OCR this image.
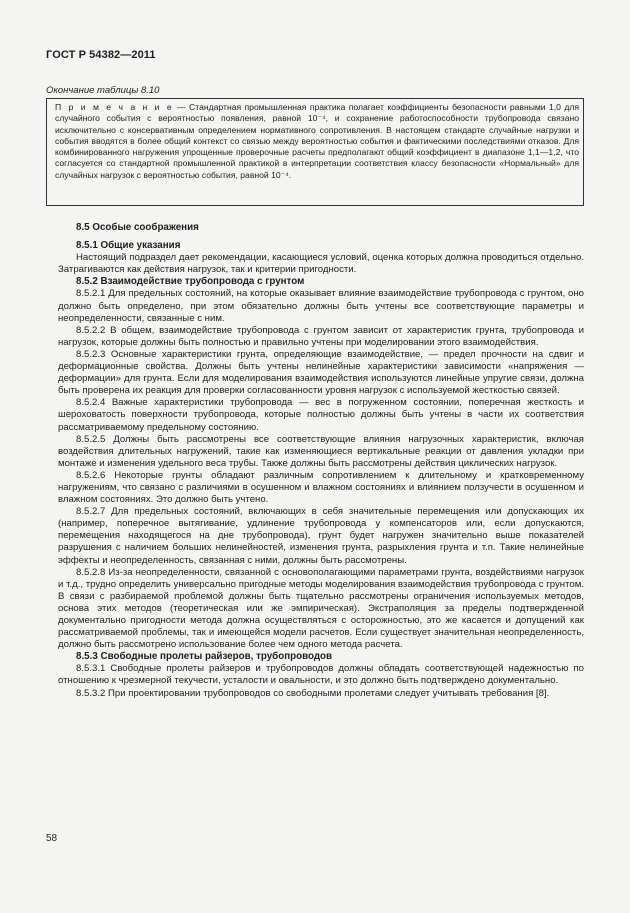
ГОСТ Р 54382—2011
Окончание таблицы 8.10
П р и м е ч а н и е — Стандартная промышленная практика полагает коэффициенты безопасности равными 1,0 для случайного события с вероятностью появления, равной 10⁻⁴, и сохранение работоспособности трубопровода связано исключительно с консервативным определением нормативного сопротивления. В настоящем стандарте случайные нагрузки и события вводятся в более общий контекст со связью между вероятностью события и фактическими последствиями отказов. Для комбинированного нагружения упрощенные проверочные расчеты предполагают общий коэффициент в диапазоне 1,1—1,2, что согласуется со стандартной промышленной практикой в интерпретации соответствия классу безопасности «Нормальный» для случайных нагрузок с вероятностью события, равной 10⁻⁴.
8.5 Особые соображения
8.5.1 Общие указания

Настоящий подраздел дает рекомендации, касающиеся условий, оценка которых должна проводиться отдельно. Затрагиваются как действия нагрузок, так и критерии пригодности.

8.5.2 Взаимодействие трубопровода с грунтом

8.5.2.1 Для предельных состояний, на которые оказывает влияние взаимодействие трубопровода с грунтом, оно должно быть определено, при этом обязательно должны быть учтены все соответствующие параметры и неопределенности, связанные с ним.

8.5.2.2 В общем, взаимодействие трубопровода с грунтом зависит от характеристик грунта, трубопровода и нагрузок, которые должны быть полностью и правильно учтены при моделировании этого взаимодействия.

8.5.2.3 Основные характеристики грунта, определяющие взаимодействие, — предел прочности на сдвиг и деформационные свойства. Должны быть учтены нелинейные характеристики зависимости «напряжения — деформации» для грунта. Если для моделирования взаимодействия используются линейные упругие связи, должна быть проверена их реакция для проверки согласованности уровня нагрузок с используемой жесткостью связей.

8.5.2.4 Важные характеристики трубопровода — вес в погруженном состоянии, поперечная жесткость и шероховатость поверхности трубопровода, которые полностью должны быть учтены в части их соответствия рассматриваемому предельному состоянию.

8.5.2.5 Должны быть рассмотрены все соответствующие влияния нагрузочных характеристик, включая воздействия длительных нагружений, такие как изменяющиеся вертикальные реакции от давления укладки при монтаже и изменения удельного веса трубы. Также должны быть рассмотрены действия циклических нагрузок.

8.5.2.6 Некоторые грунты обладают различным сопротивлением к длительному и кратковременному нагружениям, что связано с различиями в осушенном и влажном состояниях и влиянием ползучести в осушенном и влажном состояниях. Это должно быть учтено.

8.5.2.7 Для предельных состояний, включающих в себя значительные перемещения или допускающих их (например, поперечное вытягивание, удлинение трубопровода у компенсаторов или, если допускаются, перемещения находящегося на дне трубопровода), грунт будет нагружен значительно выше показателей разрушения с наличием больших нелинейностей, изменения грунта, разрыхления грунта и т.п. Такие нелинейные эффекты и неопределенность, связанная с ними, должны быть рассмотрены.

8.5.2.8 Из-за неопределенности, связанной с основополагающими параметрами грунта, воздействиями нагрузок и т.д., трудно определить универсально пригодные методы моделирования взаимодействия трубопровода с грунтом. В связи с разбираемой проблемой должны быть тщательно рассмотрены ограничения используемых методов, основа этих методов (теоретическая или же эмпирическая). Экстраполяция за пределы подтвержденной документально пригодности метода должна осуществляться с осторожностью, это же касается и допущений как рассматриваемой проблемы, так и имеющейся модели расчетов. Если существует значительная неопределенность, должно быть рассмотрено использование более чем одного метода расчета.

8.5.3 Свободные пролеты райзеров, трубопроводов

8.5.3.1 Свободные пролеты райзеров и трубопроводов должны обладать соответствующей надежностью по отношению к чрезмерной текучести, усталости и овальности, и это должно быть подтверждено документально.

8.5.3.2 При проектировании трубопроводов со свободными пролетами следует учитывать требования [8].

58
